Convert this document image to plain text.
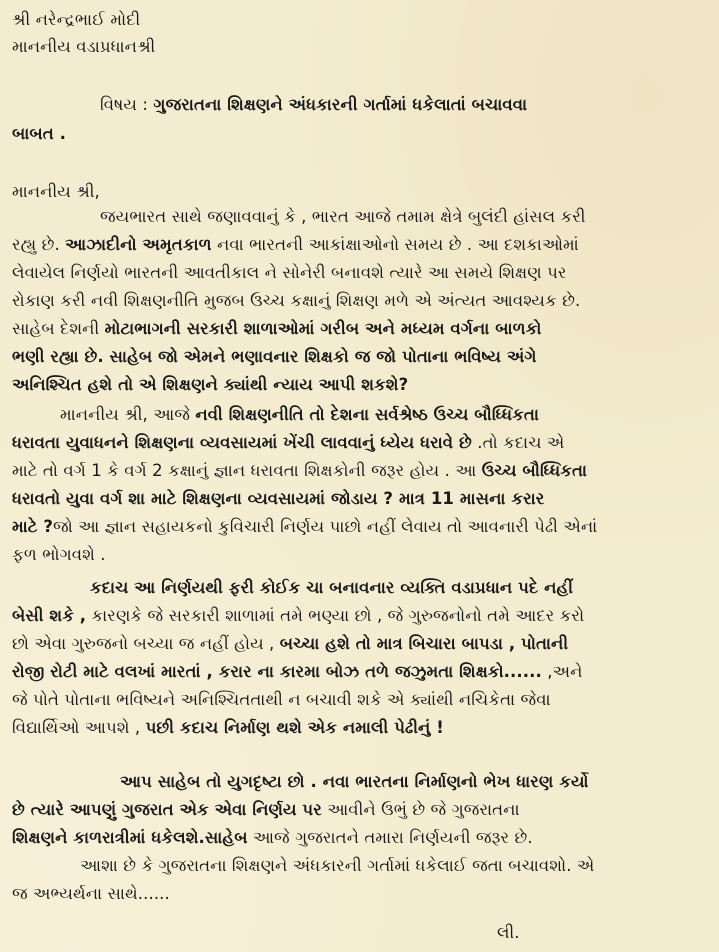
શ્રી નરેન્દ્રભાઈ મોદી
માનનીય વડાપ્રધાનશ્રી
વિષય : ગુજરાતના શિક્ષણને અંધકારની ગર્તામાં ધકેલાતાં બચાવવા
બાબત .
માનનીય શ્રી,
જયભારત સાથે જણાવવાનું કે , ભારત આજે તમામ ક્ષેત્રે બુલંદી હાંસલ કરી
રહ્યુ છે. આઝાદીનો અમૃતકાળ નવા ભારતની આકાંક્ષાઓનો સમય છે . આ દશકાઓમાં
લેવાયેલ નિર્ણયો ભારતની આવતીકાલ ને સોનેરી બનાવશે ત્યારે આ સમયે શિક્ષણ પર
રોકાણ કરી નવી શિક્ષણનીતિ મુજબ ઉચ્ચ કક્ષાનું શિક્ષણ મળે એ અંત્યત આવશ્યક છે.
સાહેબ દેશની મોટાભાગની સરકારી શાળાઓમાં ગરીબ અને મધ્યમ વર્ગના બાળકો
ભણી રહ્યા છે. સાહેબ જો એમને ભણાવનાર શિક્ષકો જ જો પોતાના ભવિષ્ય અંગે
અનિશ્ચિત હશે તો એ શિક્ષણને ક્યાંથી ન્યાય આપી શકશે?
માનનીય શ્રી, આજે નવી શિક્ષણનીતિ તો દેશના સર્વશ્રેષ્ઠ ઉચ્ચ બૌધ્ધિકતા
ધરાવતા યુવાધનને શિક્ષણના વ્યવસાયમાં ખેંચી લાવવાનું ધ્યેય ધરાવે છે .તો કદાચ એ
માટે તો વર્ગ 1 કે વર્ગ 2 કક્ષાનું જ્ઞાન ધરાવતા શિક્ષકોની જરૂર હોય . આ ઉચ્ચ બૌધ્ધિકતા
ધરાવતો યુવા વર્ગ શા માટે શિક્ષણના વ્યવસાયમાં જોડાય ? માત્ર 11 માસના કરાર
માટે ?જો આ જ્ઞાન સહાયકનો કુવિચારી નિર્ણય પાછો નહીં લેવાય તો આવનારી પેઢી એનાં
ફળ ભોગવશે .
કદાચ આ નિર્ણયથી ફરી કોઈક ચા બનાવનાર વ્યક્તિ વડાપ્રધાન પદે નહીં
બેસી શકે , કારણકે જે સરકારી શાળામાં તમે ભણ્યા છો , જે ગુરુજનોનો તમે આદર કરો
છો એવા ગુરુજનો બચ્યા જ નહીં હોય , બચ્ચા હશે તો માત્ર બિચારા બાપડા , પોતાની
રોજી રોટી માટે વલખાં મારતાં , કરાર ના કારમા બોઝ તળે જઝુમતા શિક્ષકો...... ,અને
જે પોતે પોતાના ભવિષ્યને અનિશ્ચિતતાથી ન બચાવી શકે એ ક્યાંથી નચિકેતા જેવા
વિદ્યાર્થિઓ આપશે , પછી કદાચ નિર્માણ થશે એક નમાલી પેઢીનું !
આપ સાહેબ તો યુગદૃષ્ટા છો . નવા ભારતના નિર્માણનો ભેખ ધારણ કર્યો
છે ત્યારે આપણું ગુજરાત એક એવા નિર્ણય પર આવીને ઉભું છે જે ગુજરાતના
શિક્ષણને કાળરાત્રીમાં ધકેલશે.સાહેબ આજે ગુજરાતને તમારા નિર્ણયની જરૂર છે.
આશા છે કે ગુજરાતના શિક્ષણને અંધકારની ગર્તામાં ધકેલાઈ જતા બચાવશો. એ
જ અભ્યર્થના સાથે......
લી.
